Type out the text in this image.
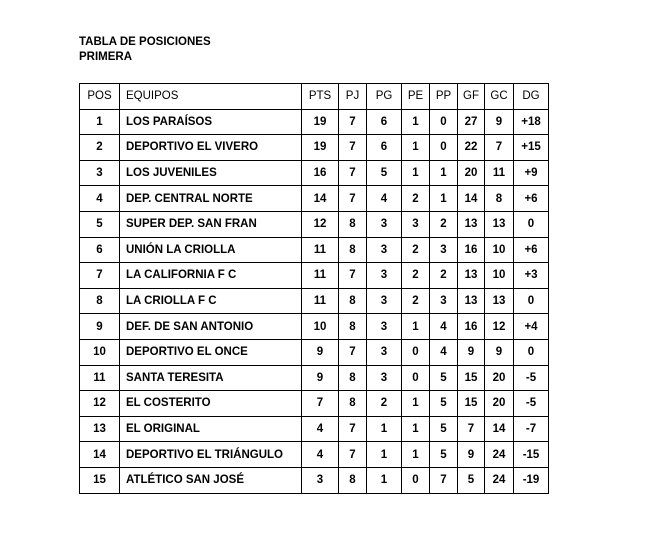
TABLA DE POSICIONES
PRIMERA
POS	EQUIPOS	PTS	PJ	PG	PE	PP	GF	GC	DG
1	LOS PARAÍSOS	19	7	6	1	0	27	9	+18
2	DEPORTIVO EL VIVERO	19	7	6	1	0	22	7	+15
3	LOS JUVENILES	16	7	5	1	1	20	11	+9
4	DEP. CENTRAL NORTE	14	7	4	2	1	14	8	+6
5	SUPER DEP. SAN FRAN	12	8	3	3	2	13	13	0
6	UNIÓN LA CRIOLLA	11	8	3	2	3	16	10	+6
7	LA CALIFORNIA F C	11	7	3	2	2	13	10	+3
8	LA CRIOLLA F C	11	8	3	2	3	13	13	0
9	DEF. DE SAN ANTONIO	10	8	3	1	4	16	12	+4
10	DEPORTIVO EL ONCE	9	7	3	0	4	9	9	0
11	SANTA TERESITA	9	8	3	0	5	15	20	-5
12	EL COSTERITO	7	8	2	1	5	15	20	-5
13	EL ORIGINAL	4	7	1	1	5	7	14	-7
14	DEPORTIVO EL TRIÁNGULO	4	7	1	1	5	9	24	-15
15	ATLÉTICO SAN JOSÉ	3	8	1	0	7	5	24	-19
